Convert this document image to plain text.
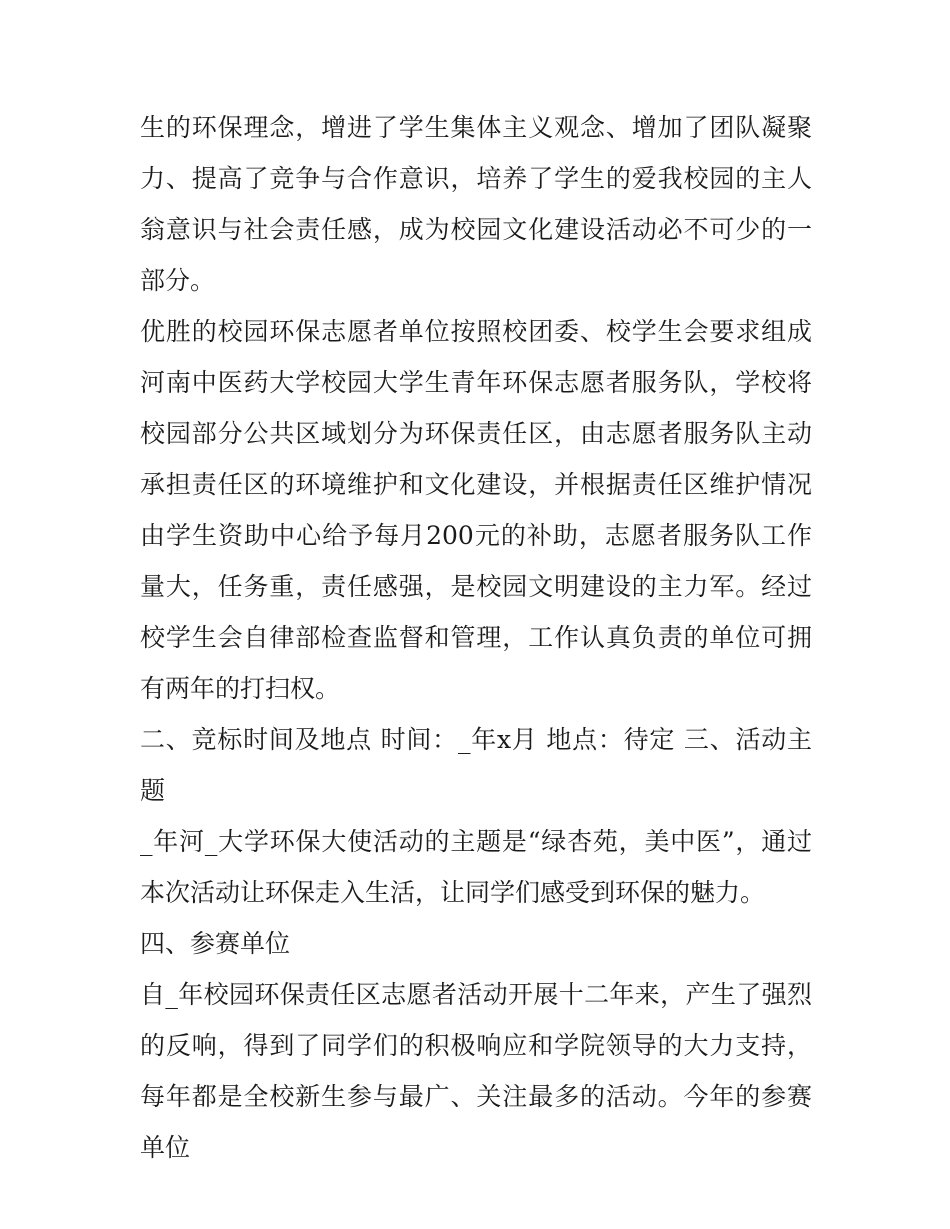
生的环保理念，增进了学生集体主义观念、增加了团队凝聚力、提高了竞争与合作意识，培养了学生的爱我校园的主人翁意识与社会责任感，成为校园文化建设活动必不可少的一部分。

优胜的校园环保志愿者单位按照校团委、校学生会要求组成河南中医药大学校园大学生青年环保志愿者服务队，学校将校园部分公共区域划分为环保责任区，由志愿者服务队主动承担责任区的环境维护和文化建设，并根据责任区维护情况由学生资助中心给予每月200元的补助，志愿者服务队工作量大，任务重，责任感强，是校园文明建设的主力军。经过校学生会自律部检查监督和管理，工作认真负责的单位可拥有两年的打扫权。

二、竞标时间及地点 时间：_年x月 地点：待定 三、活动主题

_年河_大学环保大使活动的主题是“绿杏苑，美中医”，通过本次活动让环保走入生活，让同学们感受到环保的魅力。

四、参赛单位

自_年校园环保责任区志愿者活动开展十二年来，产生了强烈的反响，得到了同学们的积极响应和学院领导的大力支持，每年都是全校新生参与最广、关注最多的活动。今年的参赛单位
